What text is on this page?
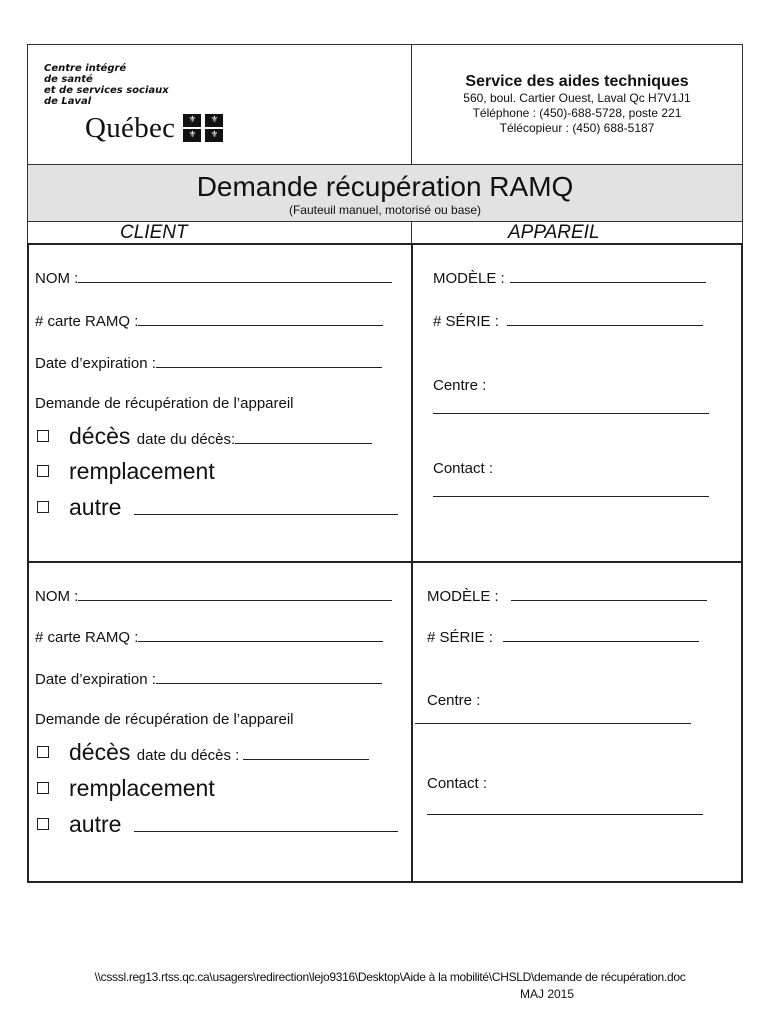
Centre intégré
de santé
et de services sociaux
de Laval
Québec	⚜	⚜
⚜	⚜
Service des aides techniques
560, boul. Cartier Ouest, Laval Qc H7V1J1
Téléphone : (450)-688-5728, poste 221
Télécopieur : (450) 688-5187
Demande récupération RAMQ
(Fauteuil manuel, motorisé ou base)
CLIENT	APPAREIL
NOM :
# carte RAMQ :
Date d’expiration :
Demande de récupération de l’appareil
décès date du décès:
remplacement
autre
MODÈLE :
# SÉRIE :
Centre :
Contact :
NOM :
# carte RAMQ :
Date d’expiration :
Demande de récupération de l’appareil
décès date du décès :
remplacement
autre
MODÈLE :
# SÉRIE :
Centre :
Contact :
\\csssl.reg13.rtss.qc.ca\usagers\redirection\lejo9316\Desktop\Aide à la mobilité\CHSLD\demande de récupération.doc
MAJ 2015
